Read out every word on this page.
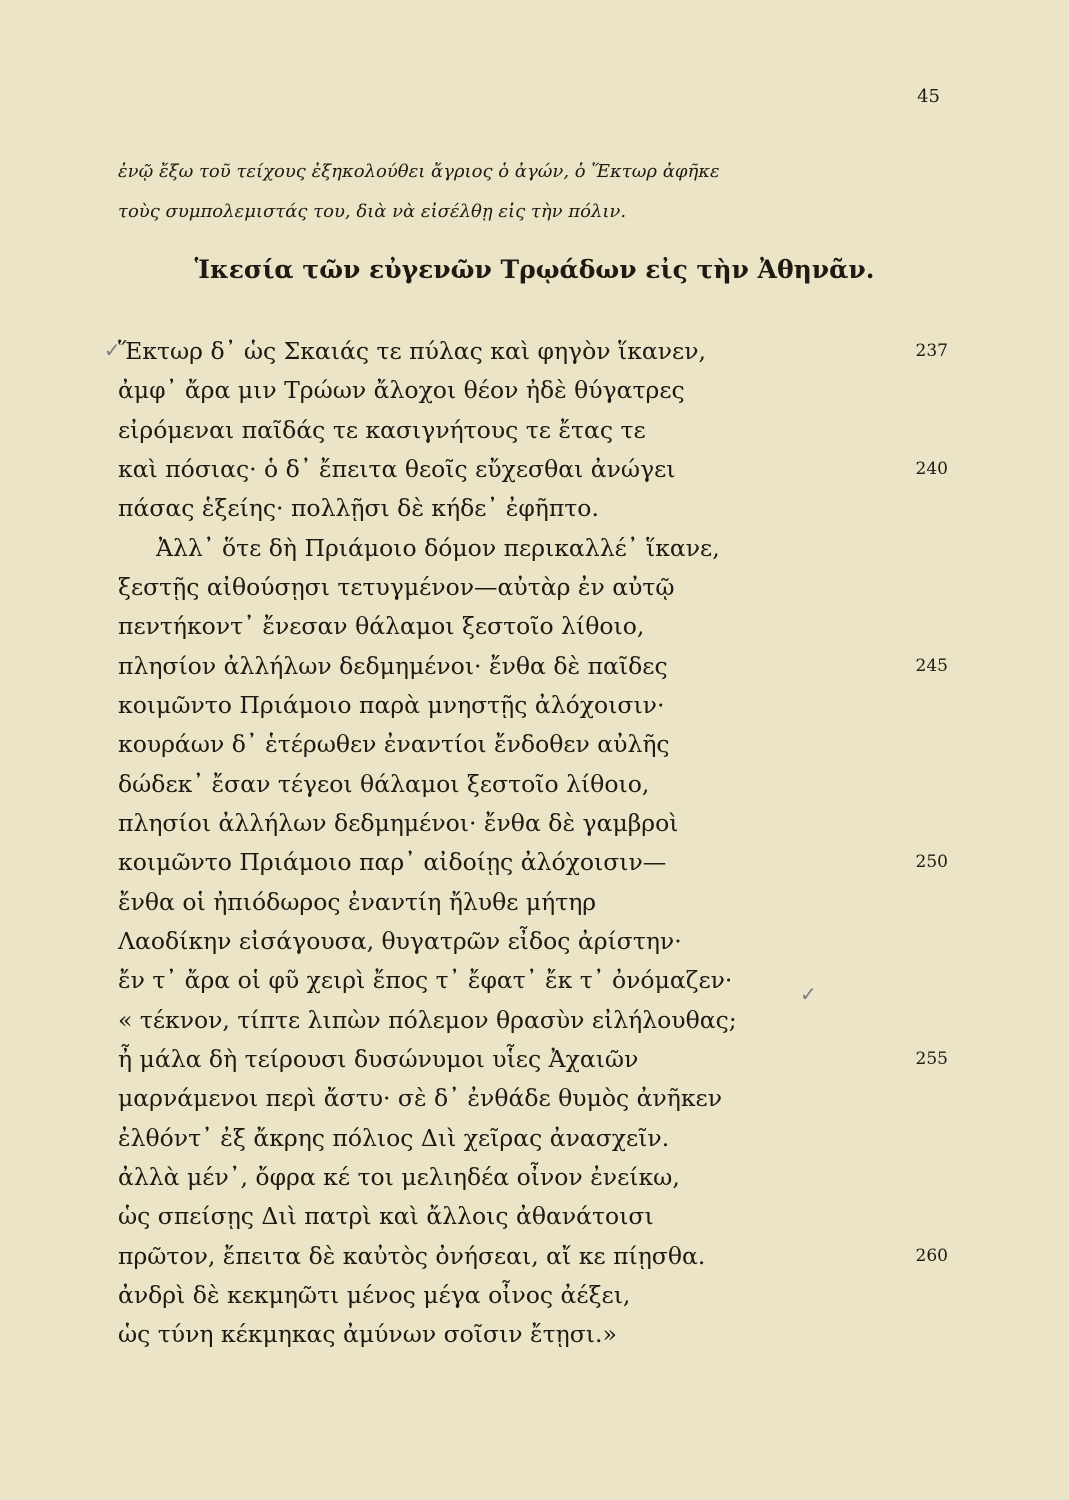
45
ἐνῷ ἔξω τοῦ τείχους ἐξηκολούθει ἄγριος ὁ ἀγών, ὁ Ἕκτωρ ἀφῆκε
τοὺς συμπολεμιστάς του, διὰ νὰ εἰσέλθῃ εἰς τὴν πόλιν.
Ἱκεσία τῶν εὐγενῶν Τρῳάδων εἰς τὴν Ἀθηνᾶν.
Ἕκτωρ δ᾽ ὡς Σκαιάς τε πύλας καὶ φηγὸν ἵκανεν,	237
ἀμφ᾽ ἄρα μιν Τρώων ἄλοχοι θέον ἠδὲ θύγατρες
εἰρόμεναι παῖδάς τε κασιγνήτους τε ἔτας τε
καὶ πόσιας· ὁ δ᾽ ἔπειτα θεοῖς εὔχεσθαι ἀνώγει	240
πάσας ἑξείης· πολλῇσι δὲ κήδε᾽ ἐφῆπτο.
Ἀλλ᾽ ὅτε δὴ Πριάμοιο δόμον περικαλλέ᾽ ἵκανε,
ξεστῇς αἰθούσῃσι τετυγμένον—αὐτὰρ ἐν αὐτῷ
πεντήκοντ᾽ ἔνεσαν θάλαμοι ξεστοῖο λίθοιο,
πλησίον ἀλλήλων δεδμημένοι· ἔνθα δὲ παῖδες	245
κοιμῶντο Πριάμοιο παρὰ μνηστῇς ἀλόχοισιν·
κουράων δ᾽ ἑτέρωθεν ἐναντίοι ἔνδοθεν αὐλῆς
δώδεκ᾽ ἔσαν τέγεοι θάλαμοι ξεστοῖο λίθοιο,
πλησίοι ἀλλήλων δεδμημένοι· ἔνθα δὲ γαμβροὶ
κοιμῶντο Πριάμοιο παρ᾽ αἰδοίῃς ἀλόχοισιν—	250
ἔνθα οἱ ἠπιόδωρος ἐναντίη ἤλυθε μήτηρ
Λαοδίκην εἰσάγουσα, θυγατρῶν εἶδος ἀρίστην·
ἔν τ᾽ ἄρα οἱ φῦ χειρὶ ἔπος τ᾽ ἔφατ᾽ ἔκ τ᾽ ὀνόμαζεν·
« τέκνον, τίπτε λιπὼν πόλεμον θρασὺν εἰλήλουθας;
ἦ μάλα δὴ τείρουσι δυσώνυμοι υἷες Ἀχαιῶν	255
μαρνάμενοι περὶ ἄστυ· σὲ δ᾽ ἐνθάδε θυμὸς ἀνῆκεν
ἐλθόντ᾽ ἐξ ἄκρης πόλιος Διὶ χεῖρας ἀνασχεῖν.
ἀλλὰ μέν᾽, ὄφρα κέ τοι μελιηδέα οἶνον ἐνείκω,
ὡς σπείσῃς Διὶ πατρὶ καὶ ἄλλοις ἀθανάτοισι
πρῶτον, ἔπειτα δὲ καὐτὸς ὀνήσεαι, αἴ κε πίῃσθα.	260
ἀνδρὶ δὲ κεκμηῶτι μένος μέγα οἶνος ἀέξει,
ὡς τύνη κέκμηκας ἀμύνων σοῖσιν ἔτῃσι.»
✓
✓
